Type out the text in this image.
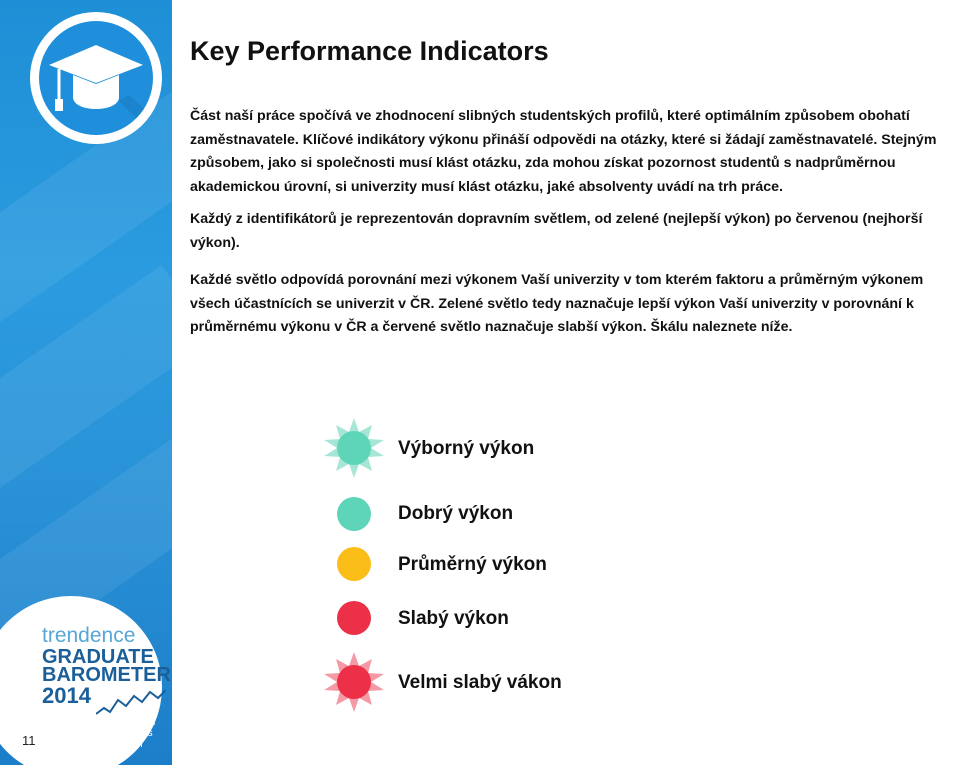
trendence
GRADUATE
BAROMETER
2014
European Business Edition
11
Key Performance Indicators

Část naší práce spočívá ve zhodnocení slibných studentských profilů, které optimálním způsobem obohatí zaměstnavatele. Klíčové indikátory výkonu přináší odpovědi na otázky, které si žádají zaměstnavatelé. Stejným způsobem, jako si společnosti musí klást otázku, zda mohou získat pozornost studentů s nadprůměrnou akademickou úrovní, si univerzity musí klást otázku, jaké absolventy uvádí na trh práce.

Každý z identifikátorů je reprezentován dopravním světlem, od zelené (nejlepší výkon) po červenou (nejhorší výkon).

Každé světlo odpovídá porovnání mezi výkonem Vaší univerzity v tom kterém faktoru a průměrným výkonem všech účastnících se univerzit v ČR. Zelené světlo tedy naznačuje lepší výkon Vaší univerzity v porovnání k průměrnému výkonu v ČR a červené světlo naznačuje slabší výkon. Škálu naleznete níže.

Výborný výkon
Dobrý výkon
Průměrný výkon
Slabý výkon
Velmi slabý vákon
